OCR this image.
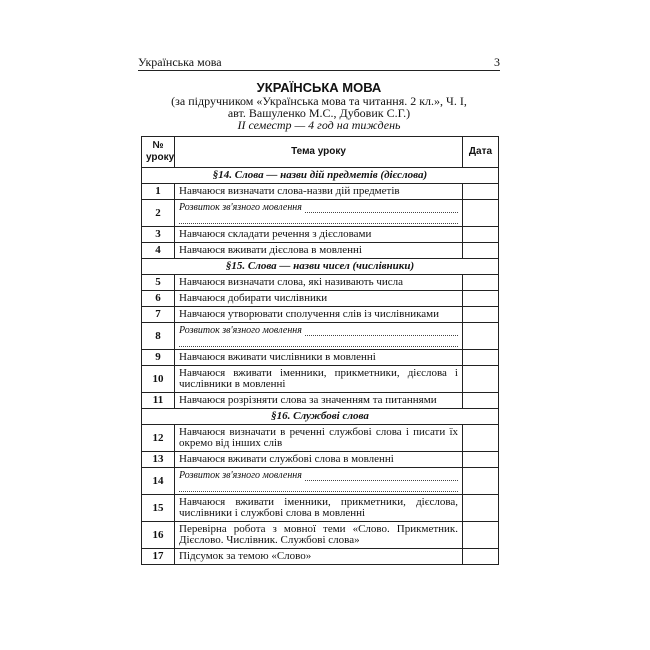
Українська мова	3
УКРАЇНСЬКА МОВА
(за підручником «Українська мова та читання. 2 кл.», Ч. І,
авт. Вашуленко М.С., Дубовик С.Г.)
ІІ семестр — 4 год на тиждень
№ уроку	Тема уроку	Дата
§14. Слова — назви дій предметів (дієслова)		
1	Навчаюся визначати слова-назви дій предметів	
2	Розвиток зв'язного мовлення	

3	Навчаюся складати речення з дієсловами	
4	Навчаюся вживати дієслова в мовленні	
§15. Слова — назви чисел (числівники)		
5	Навчаюся визначати слова, які називають числа	
6	Навчаюся добирати числівники	
7	Навчаюся утворювати сполучення слів із числівниками	
8	Розвиток зв'язного мовлення	

9	Навчаюся вживати числівники в мовленні	
10	Навчаюся вживати іменники, прикметники, дієслова і числівники в мовленні	
11	Навчаюся розрізняти слова за значенням та питаннями	
§16. Службові слова		
12	Навчаюся визначати в реченні службові слова і писати їх окремо від інших слів	
13	Навчаюся вживати службові слова в мовленні	
14	Розвиток зв'язного мовлення	

15	Навчаюся вживати іменники, прикметники, дієслова, числівники і службові слова в мовленні	
16	Перевірна робота з мовної теми «Слово. Прикметник. Дієслово. Числівник. Службові слова»	
17	Підсумок за темою «Слово»	
